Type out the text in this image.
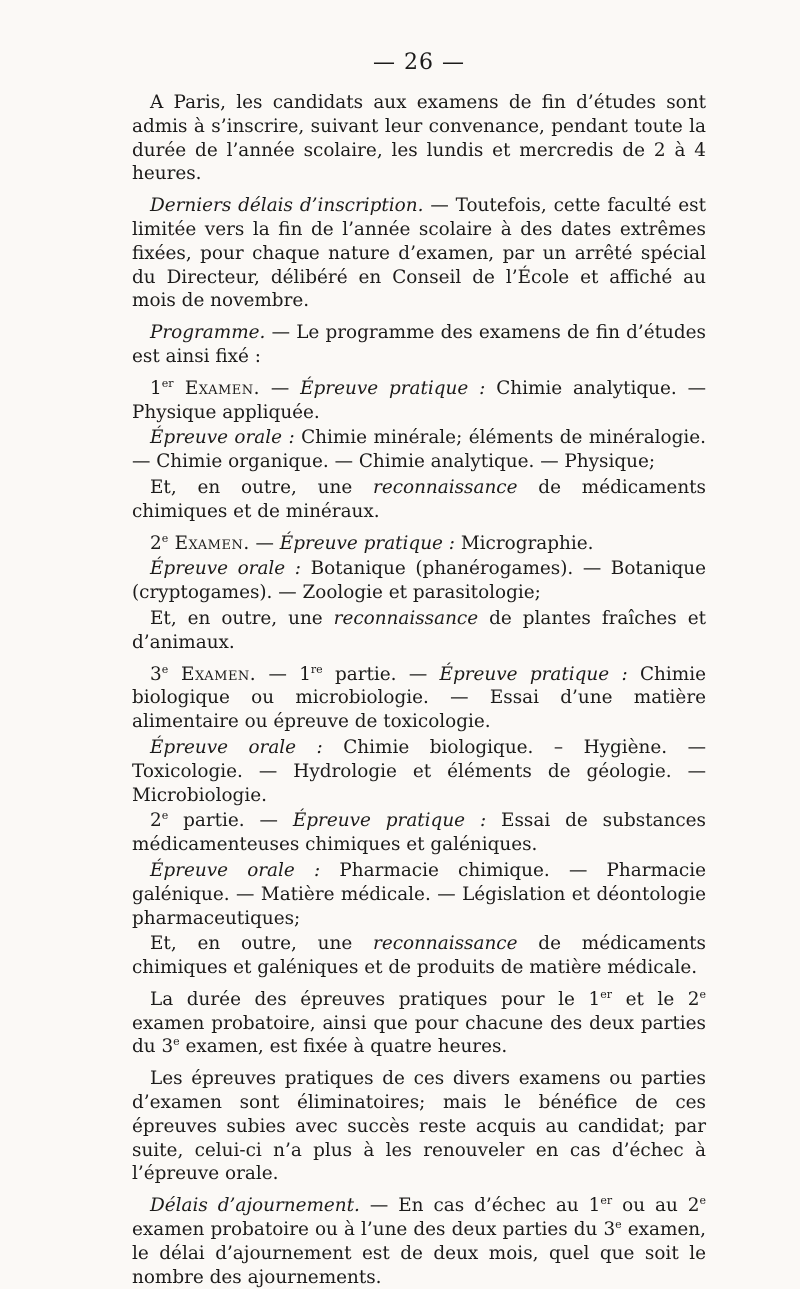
— 26 —

A Paris, les candidats aux examens de fin d’études sont admis à s’inscrire, suivant leur convenance, pendant toute la durée de l’année scolaire, les lundis et mercredis de 2 à 4 heures.

Derniers délais d’inscription. — Toutefois, cette faculté est limitée vers la fin de l’année scolaire à des dates extrêmes fixées, pour chaque nature d’examen, par un arrêté spécial du Directeur, délibéré en Conseil de l’École et affiché au mois de novembre.

Programme. — Le programme des examens de fin d’études est ainsi fixé :

1er Examen. — Épreuve pratique : Chimie analytique. — Physique appliquée.

Épreuve orale : Chimie minérale; éléments de minéralogie. — Chimie organique. — Chimie analytique. — Physique;

Et, en outre, une reconnaissance de médicaments chimiques et de minéraux.

2e Examen. — Épreuve pratique : Micrographie.

Épreuve orale : Botanique (phanérogames). — Botanique (cryptogames). — Zoologie et parasitologie;

Et, en outre, une reconnaissance de plantes fraîches et d’animaux.

3e Examen. — 1re partie. — Épreuve pratique : Chimie biologique ou microbiologie. — Essai d’une matière alimentaire ou épreuve de toxicologie.

Épreuve orale : Chimie biologique. – Hygiène. — Toxicologie. — Hydrologie et éléments de géologie. — Microbiologie.

2e partie. — Épreuve pratique : Essai de substances médicamenteuses chimiques et galéniques.

Épreuve orale : Pharmacie chimique. — Pharmacie galénique. — Matière médicale. — Législation et déontologie pharmaceutiques;

Et, en outre, une reconnaissance de médicaments chimiques et galéniques et de produits de matière médicale.

La durée des épreuves pratiques pour le 1er et le 2e examen probatoire, ainsi que pour chacune des deux parties du 3e examen, est fixée à quatre heures.

Les épreuves pratiques de ces divers examens ou parties d’examen sont éliminatoires; mais le bénéfice de ces épreuves subies avec succès reste acquis au candidat; par suite, celui-ci n’a plus à les renouveler en cas d’échec à l’épreuve orale.

Délais d’ajournement. — En cas d’échec au 1er ou au 2e examen probatoire ou à l’une des deux parties du 3e examen, le délai d’ajournement est de deux mois, quel que soit le nombre des ajournements.
